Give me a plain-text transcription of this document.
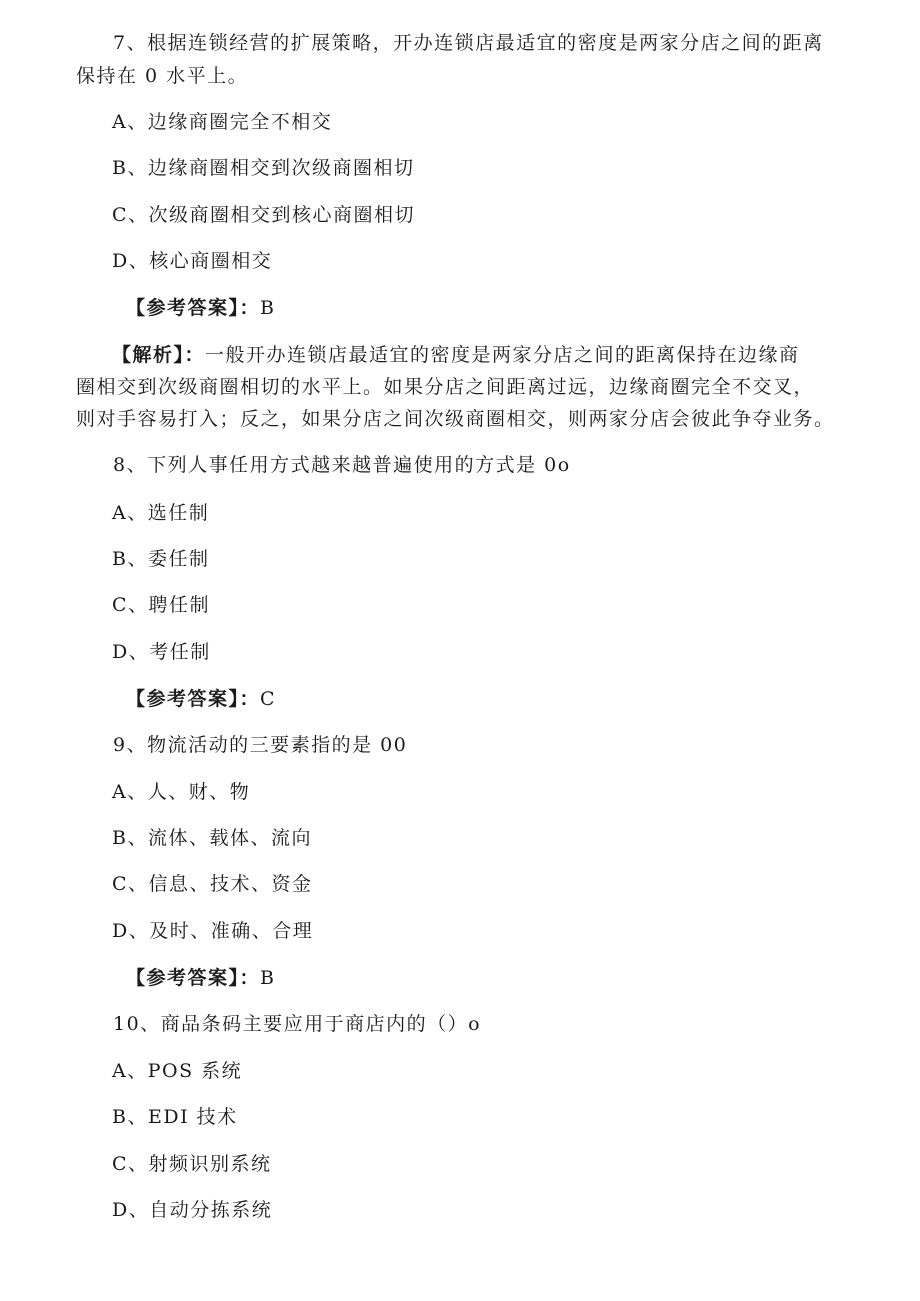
7、根据连锁经营的扩展策略，开办连锁店最适宜的密度是两家分店之间的距离
保持在 0 水平上。
A、边缘商圈完全不相交
B、边缘商圈相交到次级商圈相切
C、次级商圈相交到核心商圈相切
D、核心商圈相交
【参考答案】：B
【解析】：一般开办连锁店最适宜的密度是两家分店之间的距离保持在边缘商
圈相交到次级商圈相切的水平上。如果分店之间距离过远，边缘商圈完全不交叉，
则对手容易打入；反之，如果分店之间次级商圈相交，则两家分店会彼此争夺业务。
8、下列人事任用方式越来越普遍使用的方式是 0o
A、选任制
B、委任制
C、聘任制
D、考任制
【参考答案】：C
9、物流活动的三要素指的是 00
A、人、财、物
B、流体、载体、流向
C、信息、技术、资金
D、及时、准确、合理
【参考答案】：B
10、商品条码主要应用于商店内的（）o
A、POS 系统
B、EDI 技术
C、射频识别系统
D、自动分拣系统
